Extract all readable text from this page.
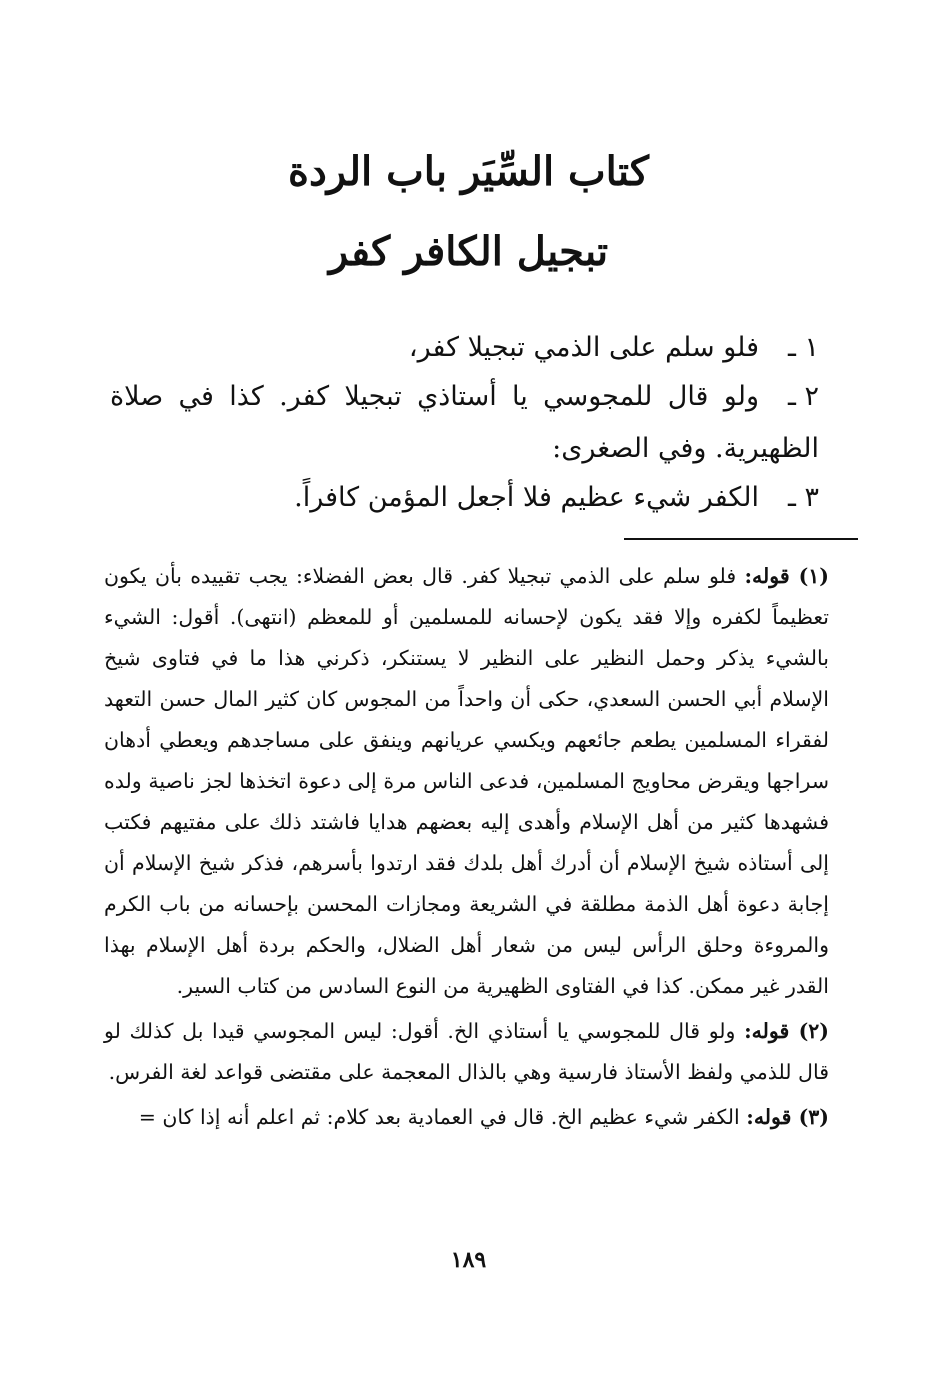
كتاب السِّيَر باب الردة
تبجيل الكافر كفر
١ ـفلو سلم على الذمي تبجيلا كفر،
٢ ـولو قال للمجوسي يا أستاذي تبجيلا كفر. كذا في صلاة الظهيرية. وفي الصغرى:
٣ ـالكفر شيء عظيم فلا أجعل المؤمن كافراً.

(١) قوله: فلو سلم على الذمي تبجيلا كفر. قال بعض الفضلاء: يجب تقييده بأن يكون تعظيماً لكفره وإلا فقد يكون لإحسانه للمسلمين أو للمعظم (انتهى). أقول: الشيء بالشيء يذكر وحمل النظير على النظير لا يستنكر، ذكرني هذا ما في فتاوى شيخ الإسلام أبي الحسن السعدي، حكى أن واحداً من المجوس كان كثير المال حسن التعهد لفقراء المسلمين يطعم جائعهم ويكسي عريانهم وينفق على مساجدهم ويعطي أدهان سراجها ويقرض محاويج المسلمين، فدعى الناس مرة إلى دعوة اتخذها لجز ناصية ولده فشهدها كثير من أهل الإسلام وأهدى إليه بعضهم هدايا فاشتد ذلك على مفتيهم فكتب إلى أستاذه شيخ الإسلام أن أدرك أهل بلدك فقد ارتدوا بأسرهم، فذكر شيخ الإسلام أن إجابة دعوة أهل الذمة مطلقة في الشريعة ومجازات المحسن بإحسانه من باب الكرم والمروءة وحلق الرأس ليس من شعار أهل الضلال، والحكم بردة أهل الإسلام بهذا القدر غير ممكن. كذا في الفتاوى الظهيرية من النوع السادس من كتاب السير.

(٢) قوله: ولو قال للمجوسي يا أستاذي الخ. أقول: ليس المجوسي قيدا بل كذلك لو قال للذمي ولفظ الأستاذ فارسية وهي بالذال المعجمة على مقتضى قواعد لغة الفرس.

(٣) قوله: الكفر شيء عظيم الخ. قال في العمادية بعد كلام: ثم اعلم أنه إذا كان =

١٨٩
